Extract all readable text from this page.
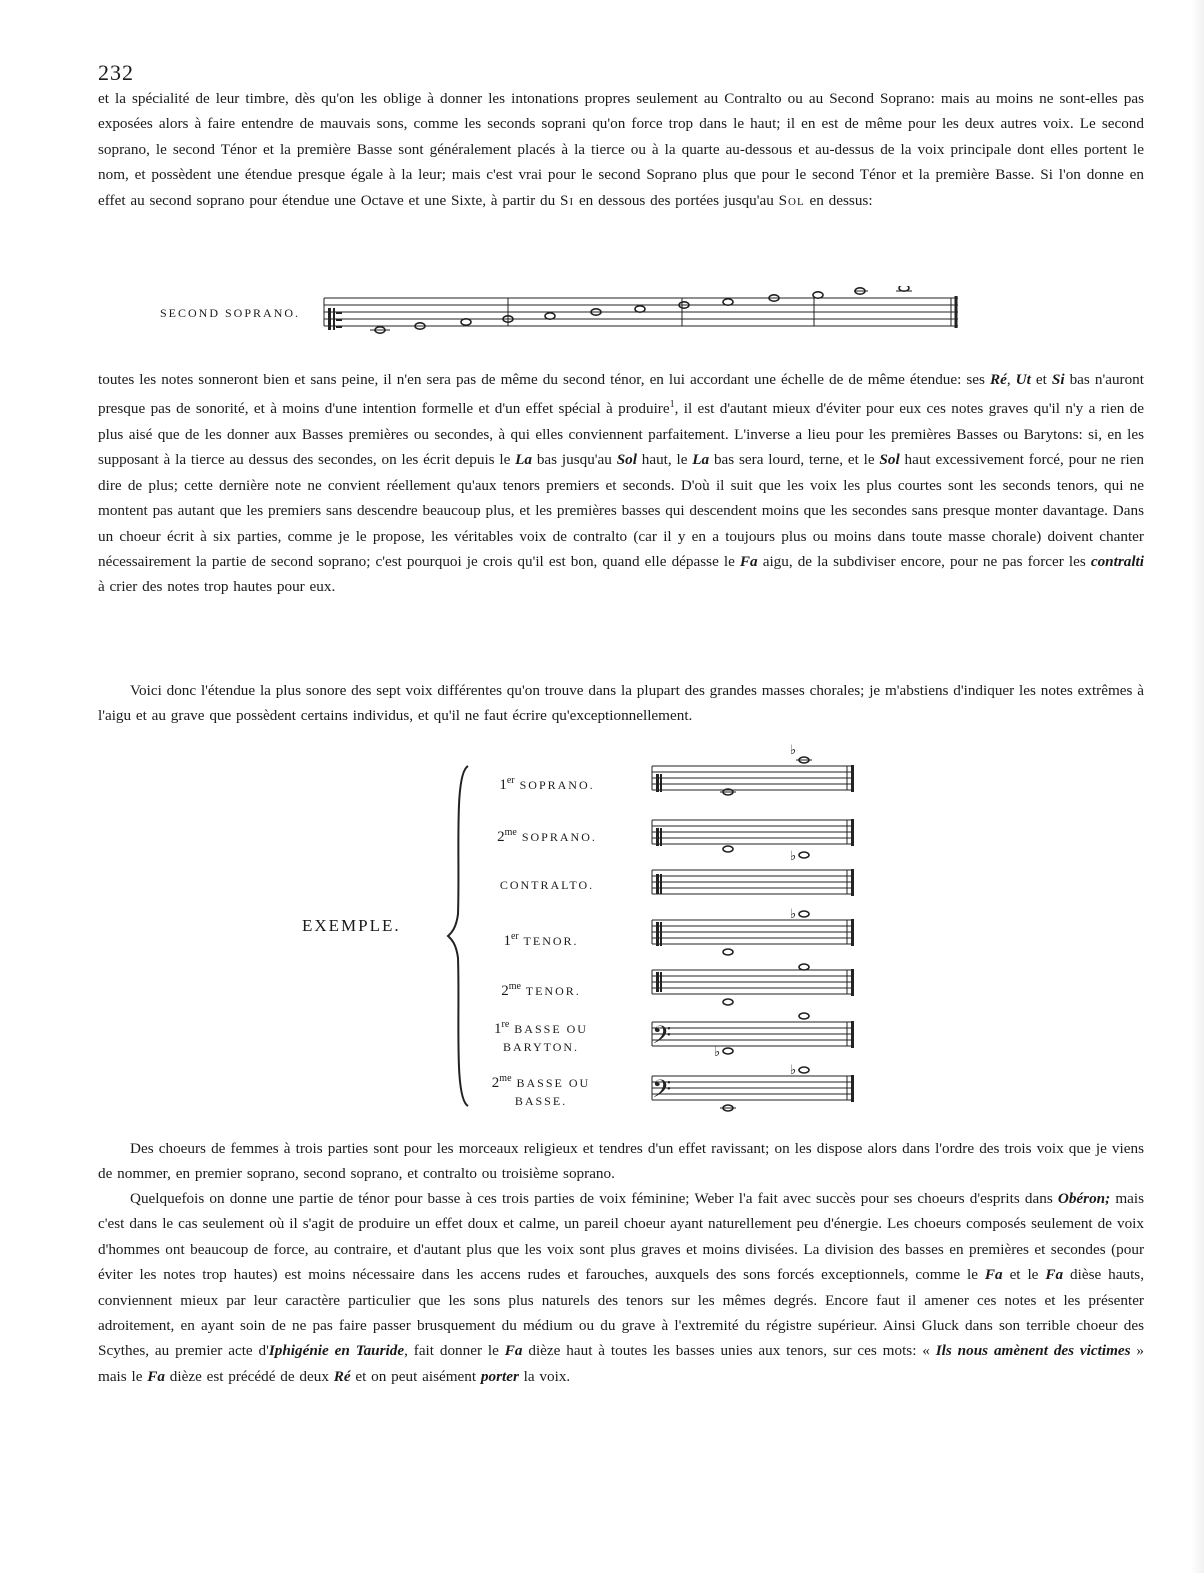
232
et la spécialité de leur timbre, dès qu'on les oblige à donner les intonations propres seulement au Contralto ou au Second Soprano: mais au moins ne sont-elles pas exposées alors à faire entendre de mauvais sons, comme les seconds soprani qu'on force trop dans le haut; il en est de même pour les deux autres voix. Le second soprano, le second Ténor et la première Basse sont généralement placés à la tierce ou à la quarte au-dessous et au-dessus de la voix principale dont elles portent le nom, et possèdent une étendue presque égale à la leur; mais c'est vrai pour le second Soprano plus que pour le second Ténor et la première Basse. Si l'on donne en effet au second soprano pour étendue une Octave et une Sixte, à partir du Si en dessous des portées jusqu'au Sol en dessus:
SECOND SOPRANO.
toutes les notes sonneront bien et sans peine, il n'en sera pas de même du second ténor, en lui accordant une échelle de de même étendue: ses Ré, Ut et Si bas n'auront presque pas de sonorité, et à moins d'une intention formelle et d'un effet spécial à produire$^1$, il est d'autant mieux d'éviter pour eux ces notes graves qu'il n'y a rien de plus aisé que de les donner aux Basses premières ou secondes, à qui elles conviennent parfaitement. L'inverse a lieu pour les premières Basses ou Barytons: si, en les supposant à la tierce au dessus des secondes, on les écrit depuis le La bas jusqu'au Sol haut, le La bas sera lourd, terne, et le Sol haut excessivement forcé, pour ne rien dire de plus; cette dernière note ne convient réellement qu'aux tenors premiers et seconds. D'où il suit que les voix les plus courtes sont les seconds tenors, qui ne montent pas autant que les premiers sans descendre beaucoup plus, et les premières basses qui descendent moins que les secondes sans presque monter davantage. Dans un choeur écrit à six parties, comme je le propose, les véritables voix de contralto (car il y en a toujours plus ou moins dans toute masse chorale) doivent chanter nécessairement la partie de second soprano; c'est pourquoi je crois qu'il est bon, quand elle dépasse le Fa aigu, de la subdiviser encore, pour ne pas forcer les contralti à crier des notes trop hautes pour eux.
Voici donc l'étendue la plus sonore des sept voix différentes qu'on trouve dans la plupart des grandes masses chorales; je m'abstiens d'indiquer les notes extrêmes à l'aigu et au grave que possèdent certains individus, et qu'il ne faut écrire qu'exceptionnellement.
EXEMPLE.
1er SOPRANO.
$2^{me}$ SOPRANO.
CONTRALTO.
1er TENOR.
$2^{me}$ TENOR.
1re BASSE OU
BARYTON.
$2^{me}$ BASSE OU
BASSE.
♭
♭
♭
♭
♭
𝄢
𝄢
Des choeurs de femmes à trois parties sont pour les morceaux religieux et tendres d'un effet ravissant; on les dispose alors dans l'ordre des trois voix que je viens de nommer, en premier soprano, second soprano, et contralto ou troisième soprano.
Quelquefois on donne une partie de ténor pour basse à ces trois parties de voix féminine; Weber l'a fait avec succès pour ses choeurs d'esprits dans Obéron; mais c'est dans le cas seulement où il s'agit de produire un effet doux et calme, un pareil choeur ayant naturellement peu d'énergie. Les choeurs composés seulement de voix d'hommes ont beaucoup de force, au contraire, et d'autant plus que les voix sont plus graves et moins divisées. La division des basses en premières et secondes (pour éviter les notes trop hautes) est moins nécessaire dans les accens rudes et farouches, auxquels des sons forcés exceptionnels, comme le Fa et le Fa dièse hauts, conviennent mieux par leur caractère particulier que les sons plus naturels des tenors sur les mêmes degrés. Encore faut il amener ces notes et les présenter adroitement, en ayant soin de ne pas faire passer brusquement du médium ou du grave à l'extremité du régistre supérieur. Ainsi Gluck dans son terrible choeur des Scythes, au premier acte d'Iphigénie en Tauride, fait donner le Fa dièze haut à toutes les basses unies aux tenors, sur ces mots: « Ils nous amènent des victimes » mais le Fa dièze est précédé de deux Ré et on peut aisément porter la voix.
